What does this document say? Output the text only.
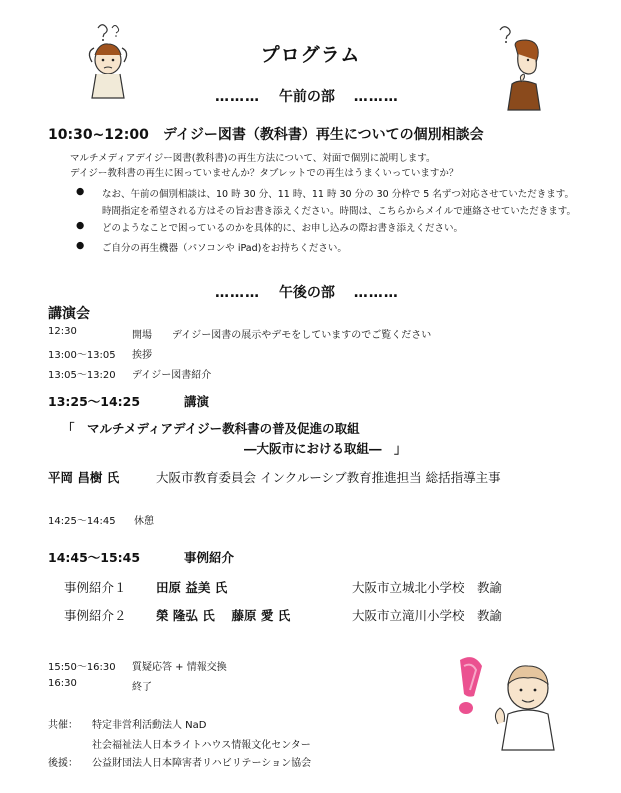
プログラム
……… 午前の部 ………
10:30~12:00　デイジー図書（教科書）再生についての個別相談会
マルチメディアデイジー図書(教科書)の再生方法について、対面で個別に説明します。
デイジー教科書の再生に困っていませんか？タブレットでの再生はうまくいっていますか？
● なお、午前の個別相談は、10 時 30 分、11 時、11 時 30 分の 30 分枠で 5 名ずつ対応させていただきます。
時間指定を希望される方はその旨お書き添えください。時間は、こちらからメイルで連絡させていただきます。
● どのようなことで困っているのかを具体的に、お申し込みの際お書き添えください。
● ご自分の再生機器（パソコンや iPad)をお持ちください。
……… 午後の部 ………
講演会
12:30	開場　　デイジー図書の展示やデモをしていますのでご覧ください
13:00～13:05 挨拶
13:05～13:20 デイジー図書紹介
13:25～14:25	講演
「　マルチメディアデイジー教科書の普及促進の取組
―大阪市における取組―　」
平岡 昌樹 氏	大阪市教育委員会 インクルーシブ教育推進担当 総括指導主事
14:25～14:45 休憩
14:45～15:45	事例紹介
事例紹介１ 田原 益美 氏	大阪市立城北小学校　教諭
事例紹介２ 榮 隆弘 氏　 藤原 愛 氏	大阪市立滝川小学校　教諭
15:50～16:30 質疑応答 + 情報交換
16:30	終了
共催： 特定非営利活動法人 NaD
社会福祉法人日本ライトハウス情報文化センター
後援： 公益財団法人日本障害者リハビリテーション協会
